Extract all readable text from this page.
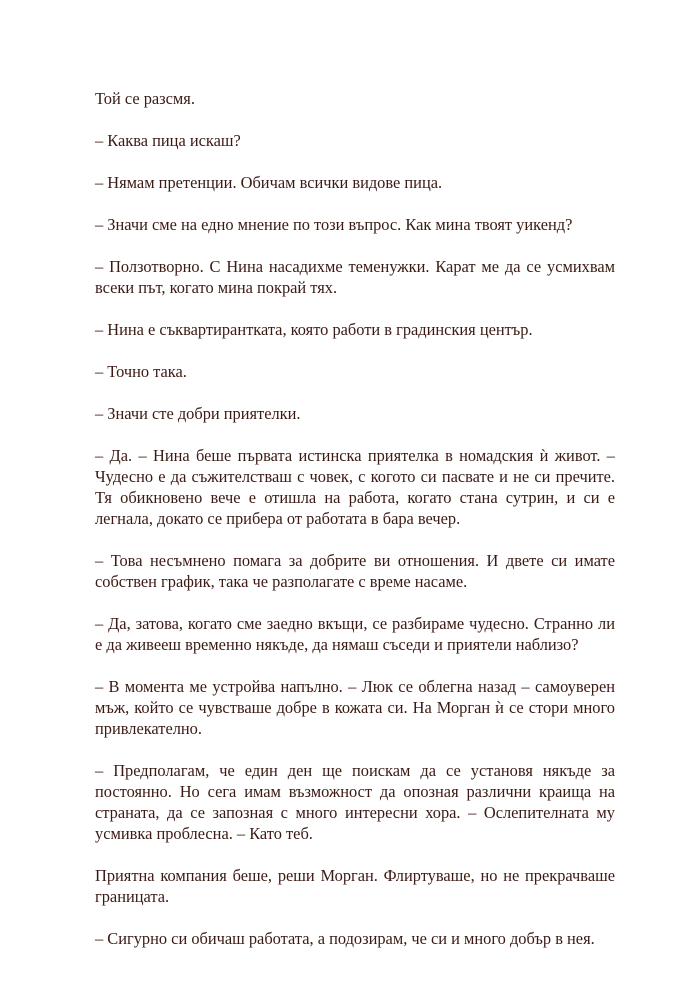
Той се разсмя.

– Каква пица искаш?

– Нямам претенции. Обичам всички видове пица.

– Значи сме на едно мнение по този въпрос. Как мина твоят уикенд?

– Ползотворно. С Нина насадихме теменужки. Карат ме да се усмихвам всеки път, когато мина покрай тях.

– Нина е съквартирантката, която работи в градинския център.

– Точно така.

– Значи сте добри приятелки.

– Да. – Нина беше първата истинска приятелка в номадския ѝ живот. – Чудесно е да съжителстваш с човек, с когото си пасвате и не си пречите. Тя обикновено вече е отишла на работа, когато стана сутрин, и си е легнала, докато се прибера от работата в бара вечер.

– Това несъмнено помага за добрите ви отношения. И двете си имате собствен график, така че разполагате с време насаме.

– Да, затова, когато сме заедно вкъщи, се разбираме чудесно. Странно ли е да живееш временно някъде, да нямаш съседи и приятели наблизо?

– В момента ме устройва напълно. – Люк се облегна назад – самоуверен мъж, който се чувстваше добре в кожата си. На Морган ѝ се стори много привлекателно.

– Предполагам, че един ден ще поискам да се установя някъде за постоянно. Но сега имам възможност да опозная различни краища на страната, да се запозная с много интересни хора. – Ослепителната му усмивка проблесна. – Като теб.

Приятна компания беше, реши Морган. Флиртуваше, но не прекрачваше границата.

– Сигурно си обичаш работата, а подозирам, че си и много добър в нея.
